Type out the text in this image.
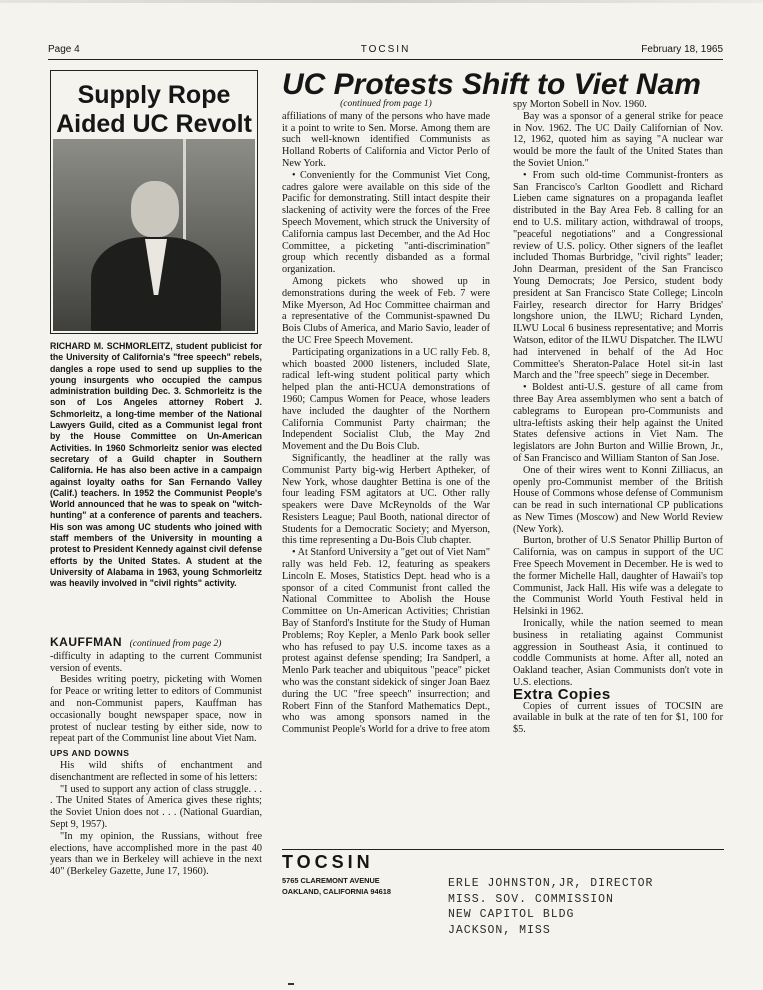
Page 4	TOCSIN	February 18, 1965
Supply Rope
Aided UC Revolt
RICHARD M. SCHMORLEITZ, student publicist for the University of California's "free speech" rebels, dangles a rope used to send up supplies to the young insurgents who occupied the campus administration building Dec. 3. Schmorleitz is the son of Los Angeles attorney Robert J. Schmorleitz, a long-time member of the National Lawyers Guild, cited as a Communist legal front by the House Committee on Un-American Activities. In 1960 Schmorleitz senior was elected secretary of a Guild chapter in Southern California. He has also been active in a campaign against loyalty oaths for San Fernando Valley (Calif.) teachers. In 1952 the Communist People's World announced that he was to speak on "witch-hunting" at a conference of parents and teachers. His son was among UC students who joined with staff members of the University in mounting a protest to President Kennedy against civil defense efforts by the United States. A student at the University of Alabama in 1963, young Schmorleitz was heavily involved in "civil rights" activity.

KAUFFMAN (continued from page 2)

-difficulty in adapting to the current Communist version of events.

Besides writing poetry, picketing with Women for Peace or writing letter to editors of Communist and non-Communist papers, Kauffman has occasionally bought newspaper space, now in protest of nuclear testing by either side, now to repeat part of the Communist line about Viet Nam.

UPS AND DOWNS

His wild shifts of enchantment and disenchantment are reflected in some of his letters:

"I used to support any action of class struggle. . . . The United States of America gives these rights; the Soviet Union does not . . . (National Guardian, Sept 9, 1957).

"In my opinion, the Russians, without free elections, have accomplished more in the past 40 years than we in Berkeley will achieve in the next 40" (Berkeley Gazette, June 17, 1960).

UC Protests Shift to Viet Nam

(continued from page 1)

affiliations of many of the persons who have made it a point to write to Sen. Morse. Among them are such well-known identified Communists as Holland Roberts of California and Victor Perlo of New York.

• Conveniently for the Communist Viet Cong, cadres galore were available on this side of the Pacific for demonstrating. Still intact despite their slackening of activity were the forces of the Free Speech Movement, which struck the University of California campus last December, and the Ad Hoc Committee, a picketing "anti-discrimination" group which recently disbanded as a formal organization.

Among pickets who showed up in demonstrations during the week of Feb. 7 were Mike Myerson, Ad Hoc Committee chairman and a representative of the Communist-spawned Du Bois Clubs of America, and Mario Savio, leader of the UC Free Speech Movement.

Participating organizations in a UC rally Feb. 8, which boasted 2000 listeners, included Slate, radical left-wing student political party which helped plan the anti-HCUA demonstrations of 1960; Campus Women for Peace, whose leaders have included the daughter of the Northern California Communist Party chairman; the Independent Socialist Club, the May 2nd Movement and the Du Bois Club.

Significantly, the headliner at the rally was Communist Party big-wig Herbert Aptheker, of New York, whose daughter Bettina is one of the four leading FSM agitators at UC. Other rally speakers were Dave McReynolds of the War Resisters League; Paul Booth, national director of Students for a Democratic Society; and Myerson, this time representing a Du-Bois Club chapter.

• At Stanford University a "get out of Viet Nam" rally was held Feb. 12, featuring as speakers Lincoln E. Moses, Statistics Dept. head who is a sponsor of a cited Communist front called the National Committee to Abolish the House Committee on Un-American Activities; Christian Bay of Stanford's Institute for the Study of Human Problems; Roy Kepler, a Menlo Park book seller who has refused to pay U.S. income taxes as a protest against defense spending; Ira Sandperl, a Menlo Park teacher and ubiquitous "peace" picket who was the constant sidekick of singer Joan Baez during the UC "free speech" insurrection; and Robert Finn of the Stanford Mathematics Dept., who was among sponsors named in the Communist People's World for a drive to free atom

spy Morton Sobell in Nov. 1960.

Bay was a sponsor of a general strike for peace in Nov. 1962. The UC Daily Californian of Nov. 12, 1962, quoted him as saying "A nuclear war would be more the fault of the United States than the Soviet Union."

• From such old-time Communist-fronters as San Francisco's Carlton Goodlett and Richard Lieben came signatures on a propaganda leaflet distributed in the Bay Area Feb. 8 calling for an end to U.S. military action, withdrawal of troops, "peaceful negotiations" and a Congressional review of U.S. policy. Other signers of the leaflet included Thomas Burbridge, "civil rights" leader; John Dearman, president of the San Francisco Young Democrats; Joe Persico, student body president at San Francisco State College; Lincoln Fairley, research director for Harry Bridges' longshore union, the ILWU; Richard Lynden, ILWU Local 6 business representative; and Morris Watson, editor of the ILWU Dispatcher. The ILWU had intervened in behalf of the Ad Hoc Committee's Sheraton-Palace Hotel sit-in last March and the "free speech" siege in December.

• Boldest anti-U.S. gesture of all came from three Bay Area assemblymen who sent a batch of cablegrams to European pro-Communists and ultra-leftists asking their help against the United States defensive actions in Viet Nam. The legislators are John Burton and Willie Brown, Jr., of San Francisco and William Stanton of San Jose.

One of their wires went to Konni Zilliacus, an openly pro-Communist member of the British House of Commons whose defense of Communism can be read in such international CP publications as New Times (Moscow) and New World Review (New York).

Burton, brother of U.S Senator Phillip Burton of California, was on campus in support of the UC Free Speech Movement in December. He is wed to the former Michelle Hall, daughter of Hawaii's top Communist, Jack Hall. His wife was a delegate to the Communist World Youth Festival held in Helsinki in 1962.

Ironically, while the nation seemed to mean business in retaliating against Communist aggression in Southeast Asia, it continued to coddle Communists at home. After all, noted an Oakland teacher, Asian Communists don't vote in U.S. elections.

Extra Copies

Copies of current issues of TOCSIN are available in bulk at the rate of ten for $1, 100 for $5.

TOCSIN
5765 CLAREMONT AVENUE
OAKLAND, CALIFORNIA 94618
ERLE JOHNSTON,JR, DIRECTOR
MISS. SOV. COMMISSION
NEW CAPITOL BLDG
JACKSON, MISS
